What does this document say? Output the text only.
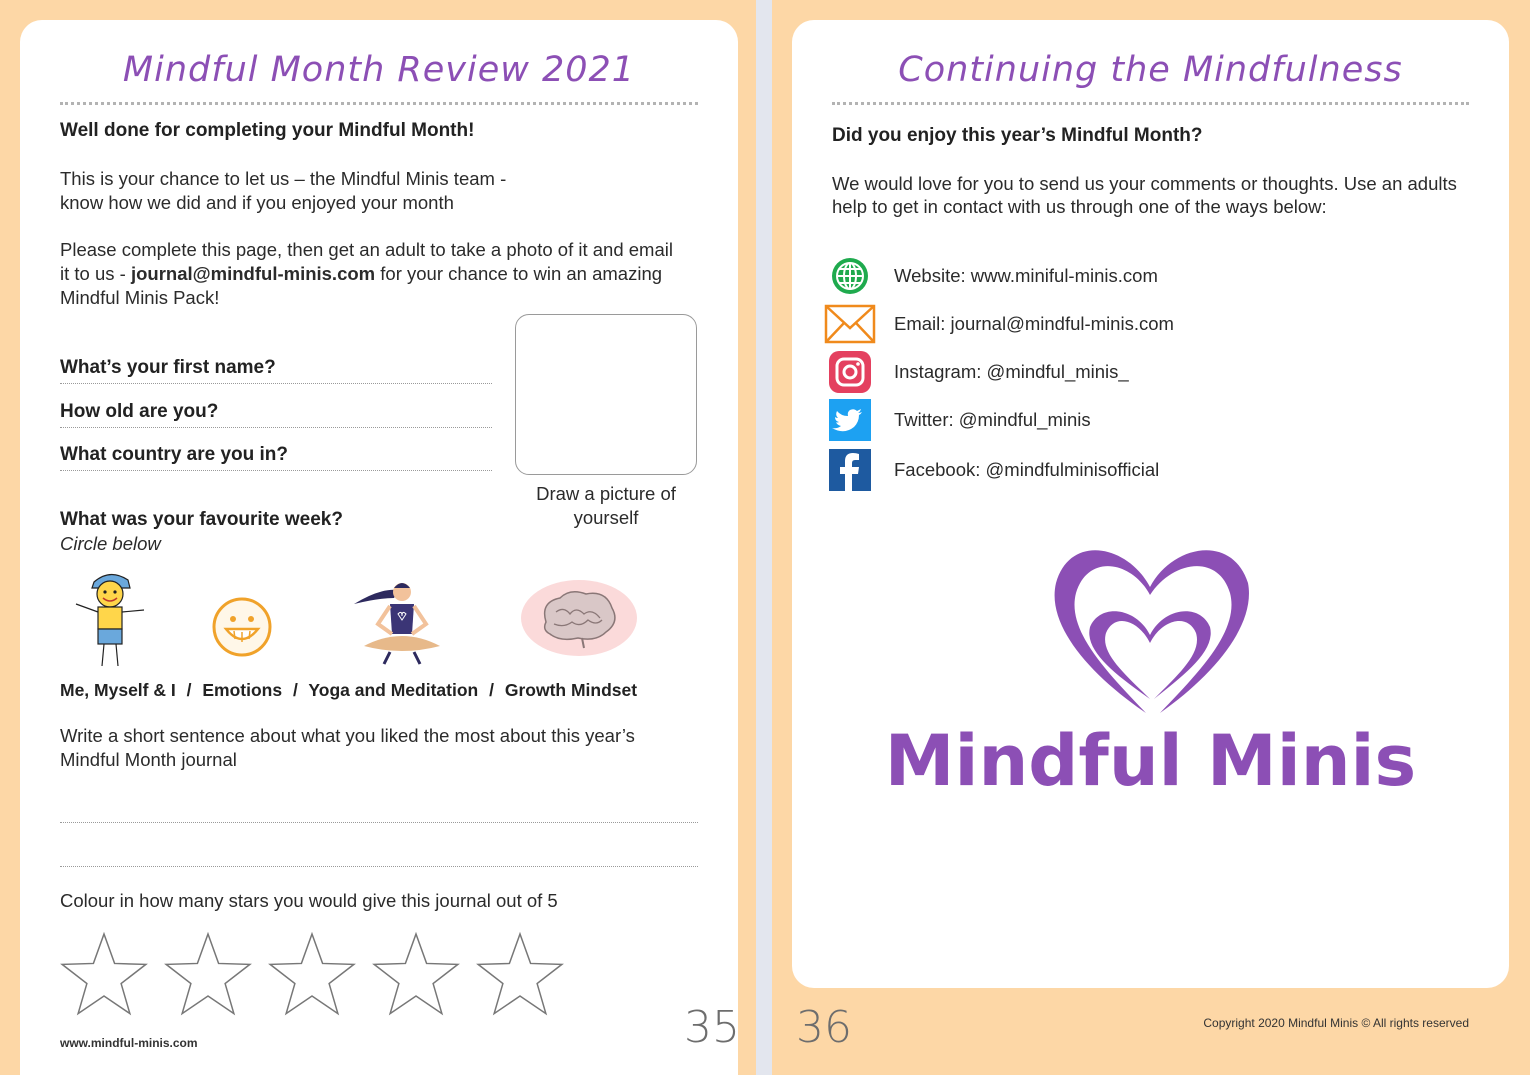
Mindful Month Review 2021
Well done for completing your Mindful Month!
This is your chance to let us – the Mindful Minis team -
know how we did and if you enjoyed your month
Please complete this page, then get an adult to take a photo of it and email
it to us - journal@mindful-minis.com for your chance to win an amazing
Mindful Minis Pack!
What’s your first name?
How old are you?
What country are you in?
Draw a picture of
yourself
What was your favourite week?
Circle below
Me, Myself & I / Emotions / Yoga and Meditation / Growth Mindset
Write a short sentence about what you liked the most about this year’s
Mindful Month journal
Colour in how many stars you would give this journal out of 5
www.mindful-minis.com	35
Continuing the Mindfulness
Did you enjoy this year’s Mindful Month?
We would love for you to send us your comments or thoughts. Use an adults
help to get in contact with us through one of the ways below:
Website: www.miniful-minis.com
Email: journal@mindful-minis.com
Instagram: @mindful_minis_
Twitter: @mindful_minis
Facebook: @mindfulminisofficial
Mindful Minis
36	Copyright 2020 Mindful Minis © All rights reserved
